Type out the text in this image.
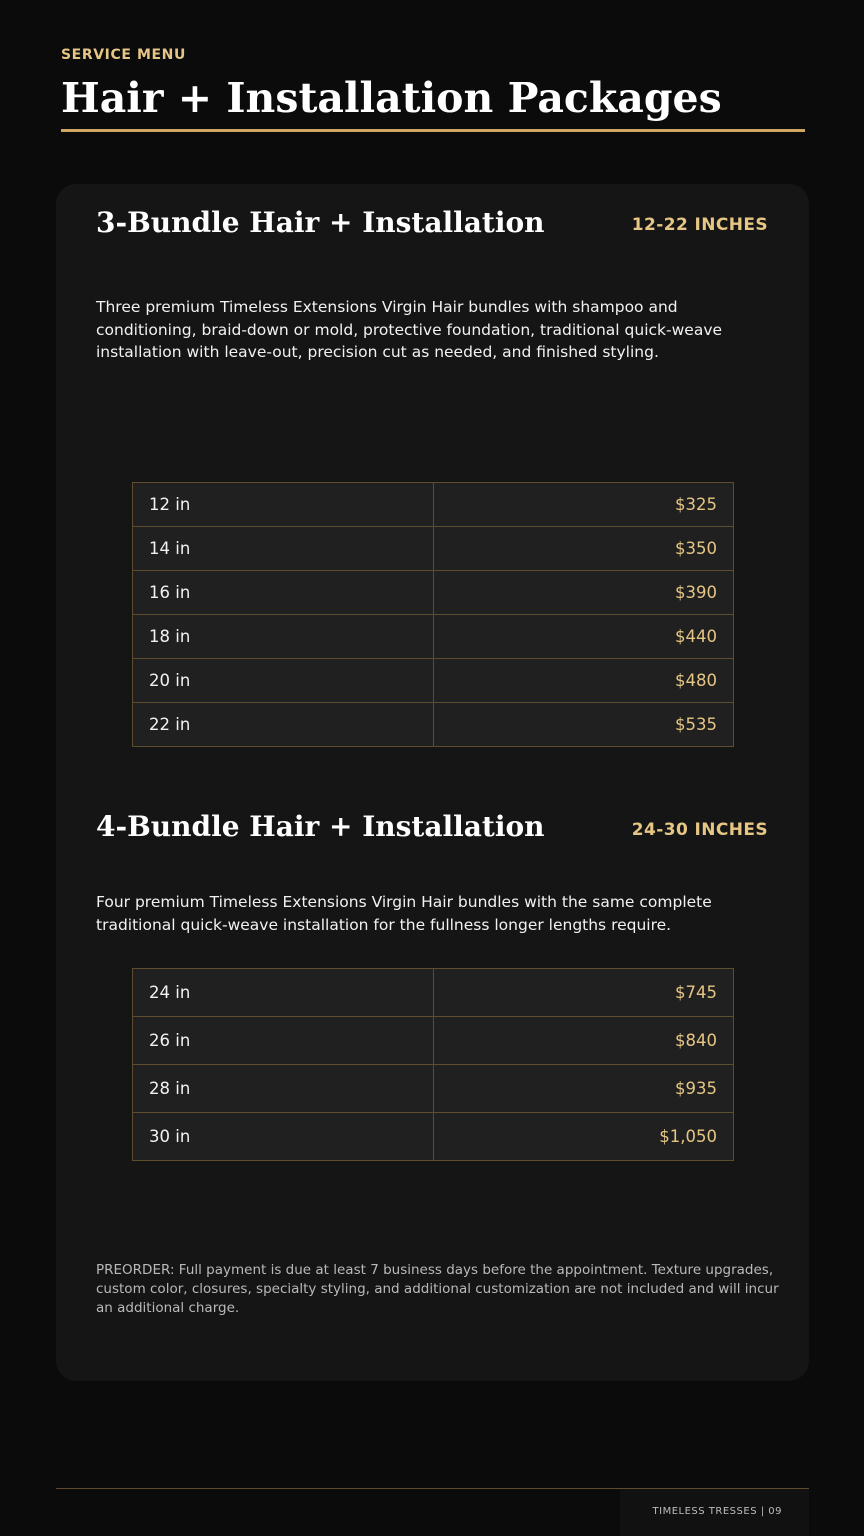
SERVICE MENU
Hair + Installation Packages
3-Bundle Hair + Installation	12-22 INCHES

Three premium Timeless Extensions Virgin Hair bundles with shampoo and conditioning, braid-down or mold, protective foundation, traditional quick-weave installation with leave-out, precision cut as needed, and finished styling.

12 in	$325
14 in	$350
16 in	$390
18 in	$440
20 in	$480
22 in	$535
4-Bundle Hair + Installation	24-30 INCHES

Four premium Timeless Extensions Virgin Hair bundles with the same complete traditional quick-weave installation for the fullness longer lengths require.

24 in	$745
26 in	$840
28 in	$935
30 in	$1,050

PREORDER: Full payment is due at least 7 business days before the appointment. Texture upgrades, custom color, closures, specialty styling, and additional customization are not included and will incur an additional charge.

TIMELESS TRESSES | 09
